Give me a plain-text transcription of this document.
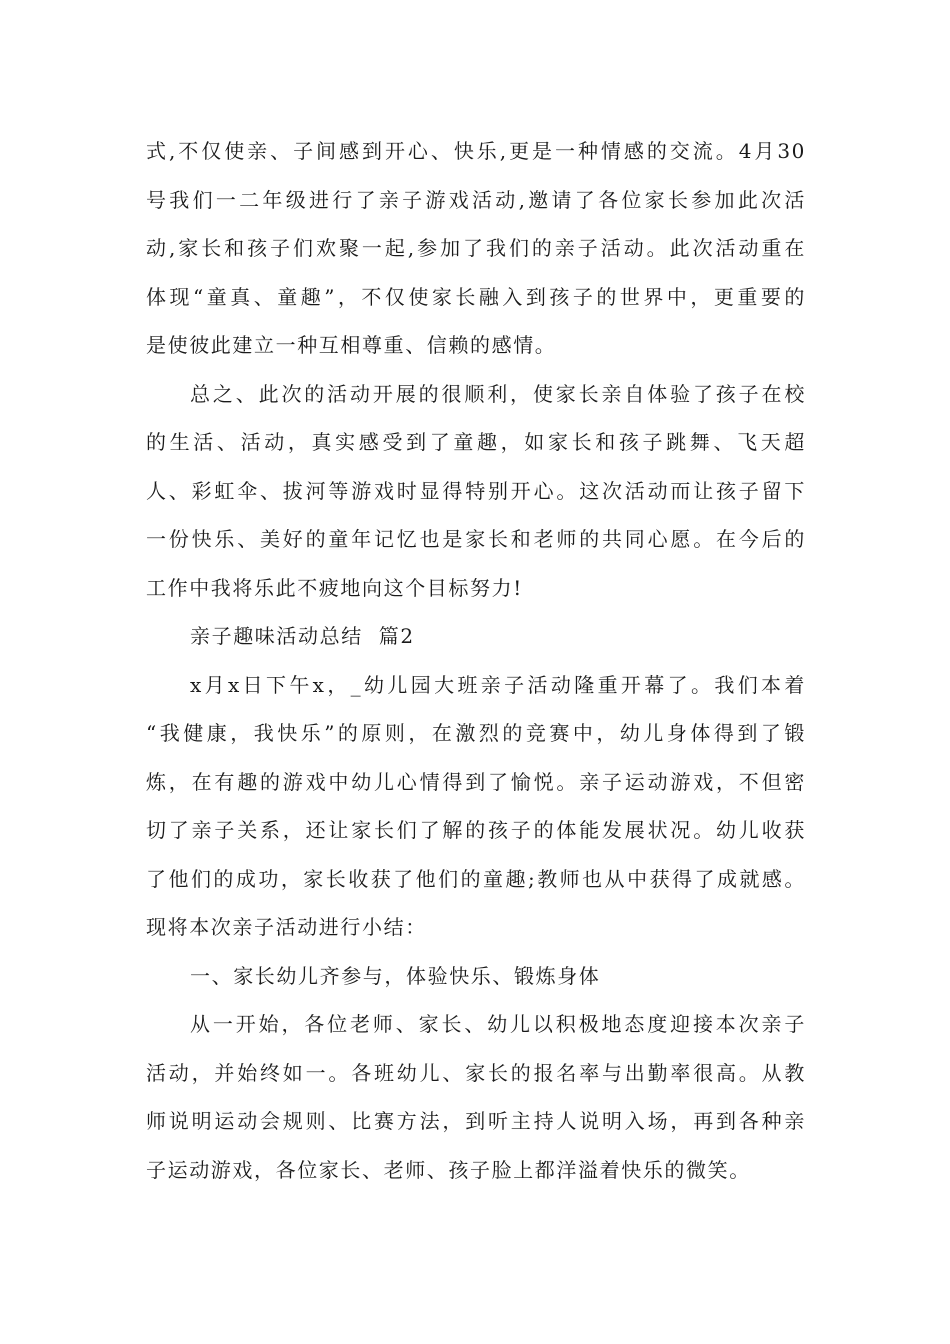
式,不仅使亲、子间感到开心、快乐,更是一种情感的交流。4月30
号我们一二年级进行了亲子游戏活动,邀请了各位家长参加此次活
动,家长和孩子们欢聚一起,参加了我们的亲子活动。此次活动重在
体现“童真、童趣”，不仅使家长融入到孩子的世界中，更重要的
是使彼此建立一种互相尊重、信赖的感情。
总之、此次的活动开展的很顺利，使家长亲自体验了孩子在校
的生活、活动，真实感受到了童趣，如家长和孩子跳舞、飞天超
人、彩虹伞、拔河等游戏时显得特别开心。这次活动而让孩子留下
一份快乐、美好的童年记忆也是家长和老师的共同心愿。在今后的
工作中我将乐此不疲地向这个目标努力!
亲子趣味活动总结  篇2
x月x日下午x，_幼儿园大班亲子活动隆重开幕了。我们本着
“我健康，我快乐”的原则，在激烈的竞赛中，幼儿身体得到了锻
炼，在有趣的游戏中幼儿心情得到了愉悦。亲子运动游戏，不但密
切了亲子关系，还让家长们了解的孩子的体能发展状况。幼儿收获
了他们的成功，家长收获了他们的童趣;教师也从中获得了成就感。
现将本次亲子活动进行小结：
一、家长幼儿齐参与，体验快乐、锻炼身体
从一开始，各位老师、家长、幼儿以积极地态度迎接本次亲子
活动，并始终如一。各班幼儿、家长的报名率与出勤率很高。从教
师说明运动会规则、比赛方法，到听主持人说明入场，再到各种亲
子运动游戏，各位家长、老师、孩子脸上都洋溢着快乐的微笑。
